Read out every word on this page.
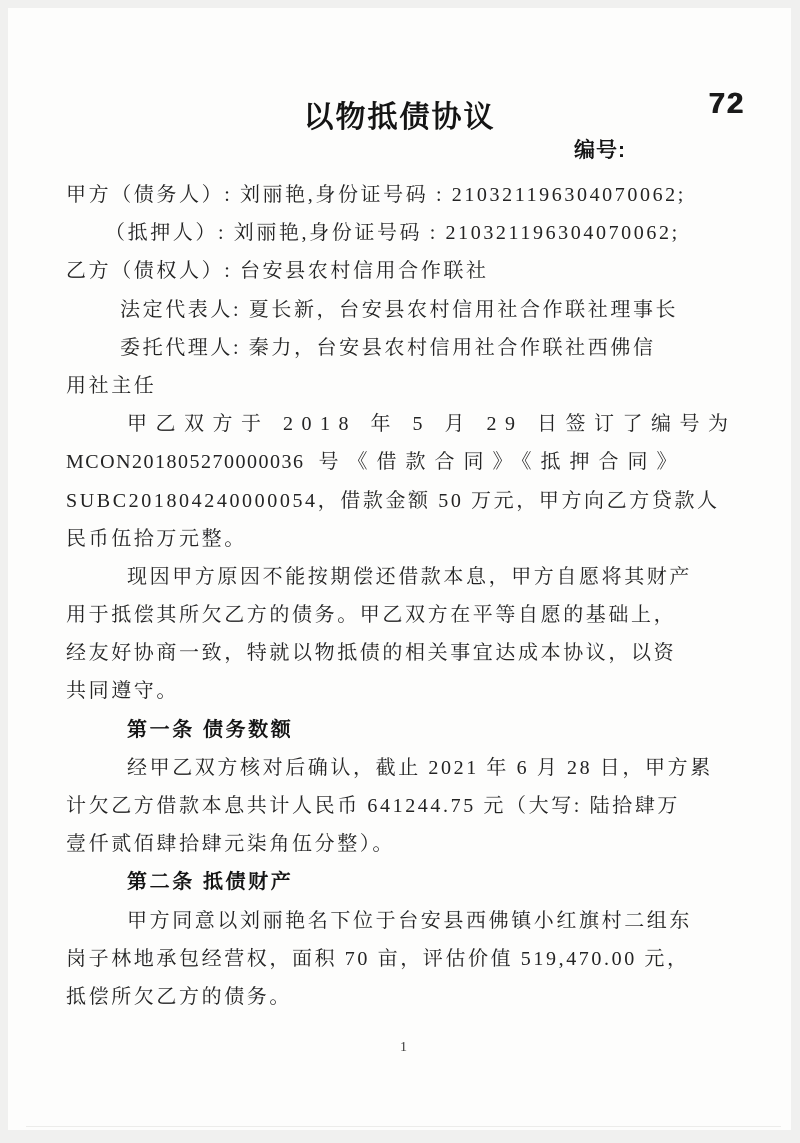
以物抵债协议	72
编号:
甲方（债务人）: 刘丽艳,身份证号码 : 210321196304070062;
（抵押人）: 刘丽艳,身份证号码 : 210321196304070062;
乙方（债权人）: 台安县农村信用合作联社
法定代表人: 夏长新，台安县农村信用社合作联社理事长
委托代理人: 秦力，台安县农村信用社合作联社西佛信
用社主任
甲乙双方于 2018 年 5 月 29 日签订了编号为
MCON201805270000036 号《借款合同》《抵押合同》
SUBC201804240000054，借款金额 50 万元，甲方向乙方贷款人
民币伍拾万元整。
现因甲方原因不能按期偿还借款本息，甲方自愿将其财产
用于抵偿其所欠乙方的债务。甲乙双方在平等自愿的基础上，
经友好协商一致，特就以物抵债的相关事宜达成本协议，以资
共同遵守。
第一条 债务数额
经甲乙双方核对后确认，截止 2021 年 6 月 28 日，甲方累
计欠乙方借款本息共计人民币 641244.75 元（大写: 陆拾肆万
壹仟贰佰肆拾肆元柒角伍分整）。
第二条 抵债财产
甲方同意以刘丽艳名下位于台安县西佛镇小红旗村二组东
岗子林地承包经营权，面积 70 亩，评估价值 519,470.00 元，
抵偿所欠乙方的债务。
1
